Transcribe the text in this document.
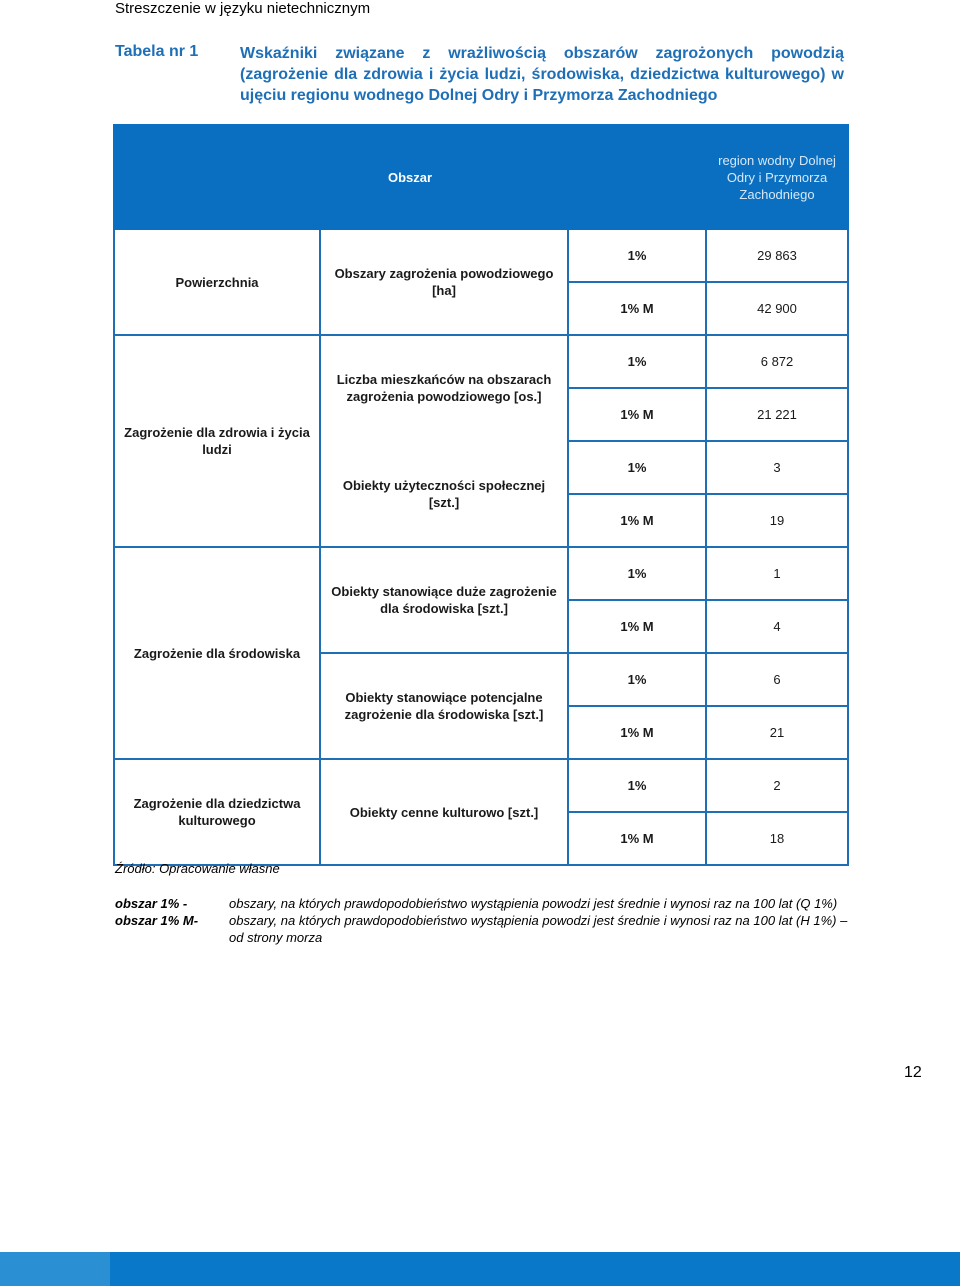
Streszczenie w języku nietechnicznym
Tabela nr 1	Wskaźniki związane z wrażliwością obszarów zagrożonych powodzią (zagrożenie dla zdrowia i życia ludzi, środowiska, dziedzictwa kulturowego) w ujęciu regionu wodnego Dolnej Odry i Przymorza Zachodniego
Obszar			region wodny Dolnej Odry i Przymorza Zachodniego
Powierzchnia	Obszary zagrożenia powodziowego [ha]	1%	29 863
		1% M	42 900
Zagrożenie dla zdrowia i życia ludzi	Liczba mieszkańców na obszarach zagrożenia powodziowego [os.]	1%	6 872
		1% M	21 221
	Obiekty użyteczności społecznej [szt.]	1%	3
		1% M	19
Zagrożenie dla środowiska	Obiekty stanowiące duże zagrożenie dla środowiska [szt.]	1%	1
		1% M	4
	Obiekty stanowiące potencjalne zagrożenie dla środowiska [szt.]	1%	6
		1% M	21
Zagrożenie dla dziedzictwa kulturowego	Obiekty cenne kulturowo [szt.]	1%	2
		1% M	18
Źródło: Opracowanie własne
obszar 1% -	obszary, na których prawdopodobieństwo wystąpienia powodzi jest średnie i wynosi raz na 100 lat (Q 1%)
obszar 1% M-	obszary, na których prawdopodobieństwo wystąpienia powodzi jest średnie i wynosi raz na 100 lat (H 1%) – od strony morza
12
